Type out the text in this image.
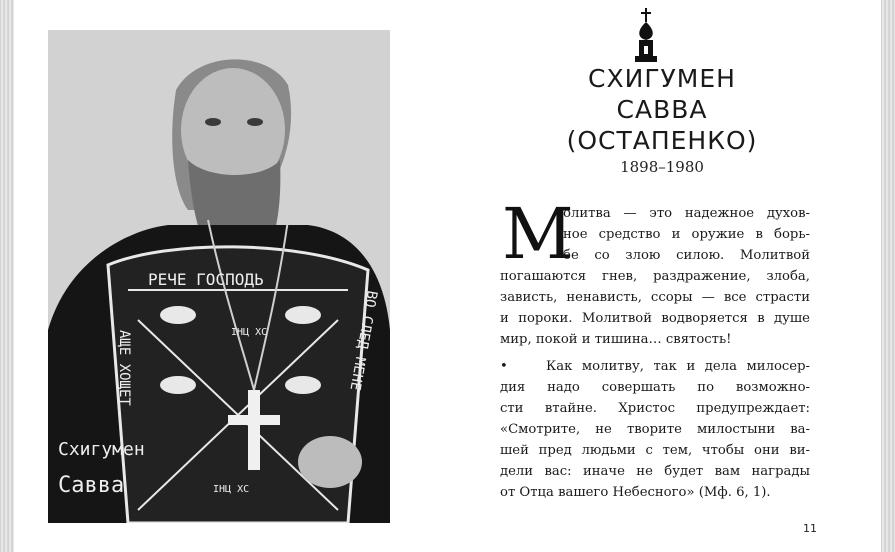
РЕЧЕ ГОСПОДЬ
АЩЕ ХОЩЕТ	ВО СЛЕД МЕНЕ
IНЦ ХС
IНЦ ХС
Схигумен
Савва
СХИГУМЕН
САВВА
(ОСТАПЕНКО)
1898–1980
М
олитва — это надежное духов-
ное средство и оружие в борь-
бе со злою силою. Молитвой
погашаются гнев, раздражение, злоба,
зависть, ненависть, ссоры — все страсти
и пороки. Молитвой водворяется в душе
мир, покой и тишина… святость!
•	Как молитву, так и дела милосер-
дия надо совершать по возможно-
сти втайне. Христос предупреждает:
«Смотрите, не творите милостыни ва-
шей пред людьми с тем, чтобы они ви-
дели вас: иначе не будет вам награды
от Отца вашего Небесного» (Мф. 6, 1).
11
